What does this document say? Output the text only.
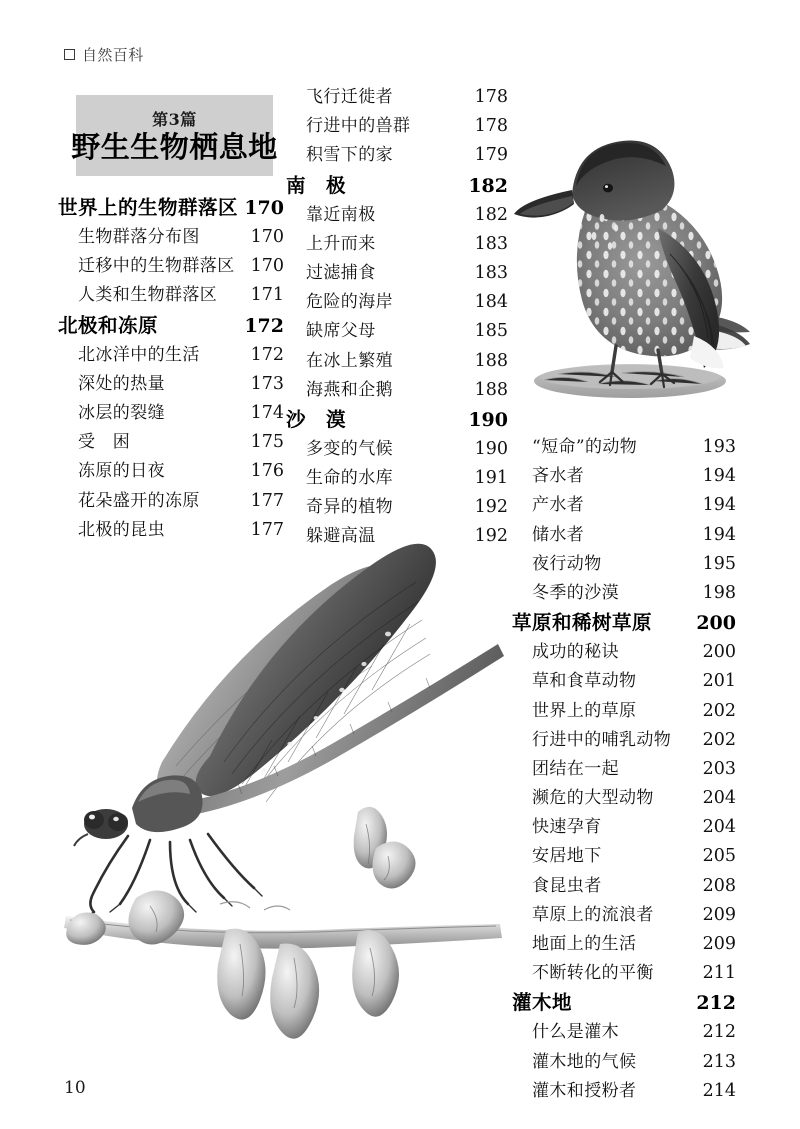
自然百科
第3篇
野生生物栖息地
世界上的生物群落区 170
生物群落分布图	170
迁移中的生物群落区 170
人类和生物群落区 171
北极和冻原	172
北冰洋中的生活	172
深处的热量	173
冰层的裂缝	174
受　困	175
冻原的日夜	176
花朵盛开的冻原	177
北极的昆虫	177
飞行迁徙者	178
行进中的兽群	178
积雪下的家	179
南　极	182
靠近南极	182
上升而来	183
过滤捕食	183
危险的海岸	184
缺席父母	185
在冰上繁殖	188
海燕和企鹅	188
沙　漠	190
多变的气候	190
生命的水库	191
奇异的植物	192
躲避高温	192
“短命”的动物	193
吝水者	194
产水者	194
储水者	194
夜行动物	195
冬季的沙漠	198
草原和稀树草原 200
成功的秘诀	200
草和食草动物	201
世界上的草原	202
行进中的哺乳动物 202
团结在一起	203
濒危的大型动物	204
快速孕育	204
安居地下	205
食昆虫者	208
草原上的流浪者	209
地面上的生活	209
不断转化的平衡	211
灌木地	212
什么是灌木	212
灌木地的气候	213
灌木和授粉者	214
10
